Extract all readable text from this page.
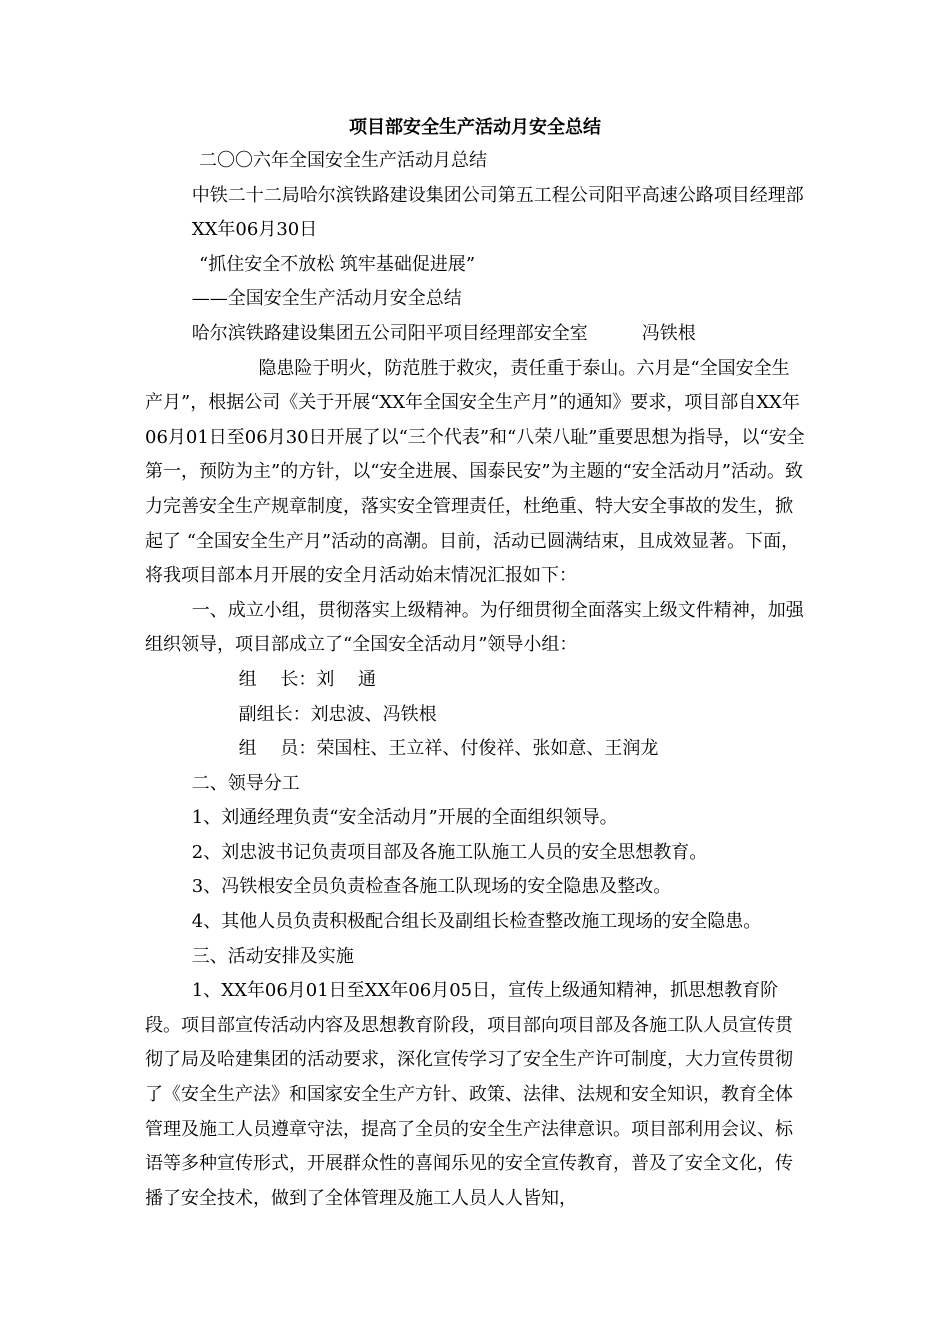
项目部安全生产活动月安全总结

二〇〇六年全国安全生产活动月总结

中铁二十二局哈尔滨铁路建设集团公司第五工程公司阳平高速公路项目经理部

XX年06月30日

“抓住安全不放松 筑牢基础促进展”

——全国安全生产活动月安全总结

哈尔滨铁路建设集团五公司阳平项目经理部安全室	冯铁根

隐患险于明火，防范胜于救灾，责任重于泰山。六月是“全国安全生产月”，根据公司《关于开展“XX年全国安全生产月”的通知》要求，项目部自XX年06月01日至06月30日开展了以“三个代表”和“八荣八耻”重要思想为指导，以“安全第一，预防为主”的方针，以“安全进展、国泰民安”为主题的“安全活动月”活动。致力完善安全生产规章制度，落实安全管理责任，杜绝重、特大安全事故的发生，掀起了 “全国安全生产月”活动的高潮。目前，活动已圆满结束，且成效显著。下面，将我项目部本月开展的安全月活动始末情况汇报如下：

一、成立小组，贯彻落实上级精神。为仔细贯彻全面落实上级文件精神，加强组织领导，项目部成立了“全国安全活动月”领导小组：

组　 长：刘　 通

副组长：刘忠波、冯铁根

组　 员：荣国柱、王立祥、付俊祥、张如意、王润龙

二、领导分工

1、刘通经理负责“安全活动月”开展的全面组织领导。

2、刘忠波书记负责项目部及各施工队施工人员的安全思想教育。

3、冯铁根安全员负责检查各施工队现场的安全隐患及整改。

4、其他人员负责积极配合组长及副组长检查整改施工现场的安全隐患。

三、活动安排及实施

1、XX年06月01日至XX年06月05日，宣传上级通知精神，抓思想教育阶段。项目部宣传活动内容及思想教育阶段，项目部向项目部及各施工队人员宣传贯彻了局及哈建集团的活动要求，深化宣传学习了安全生产许可制度，大力宣传贯彻了《安全生产法》和国家安全生产方针、政策、法律、法规和安全知识，教育全体管理及施工人员遵章守法，提高了全员的安全生产法律意识。项目部利用会议、标语等多种宣传形式，开展群众性的喜闻乐见的安全宣传教育，普及了安全文化，传播了安全技术，做到了全体管理及施工人员人人皆知，
